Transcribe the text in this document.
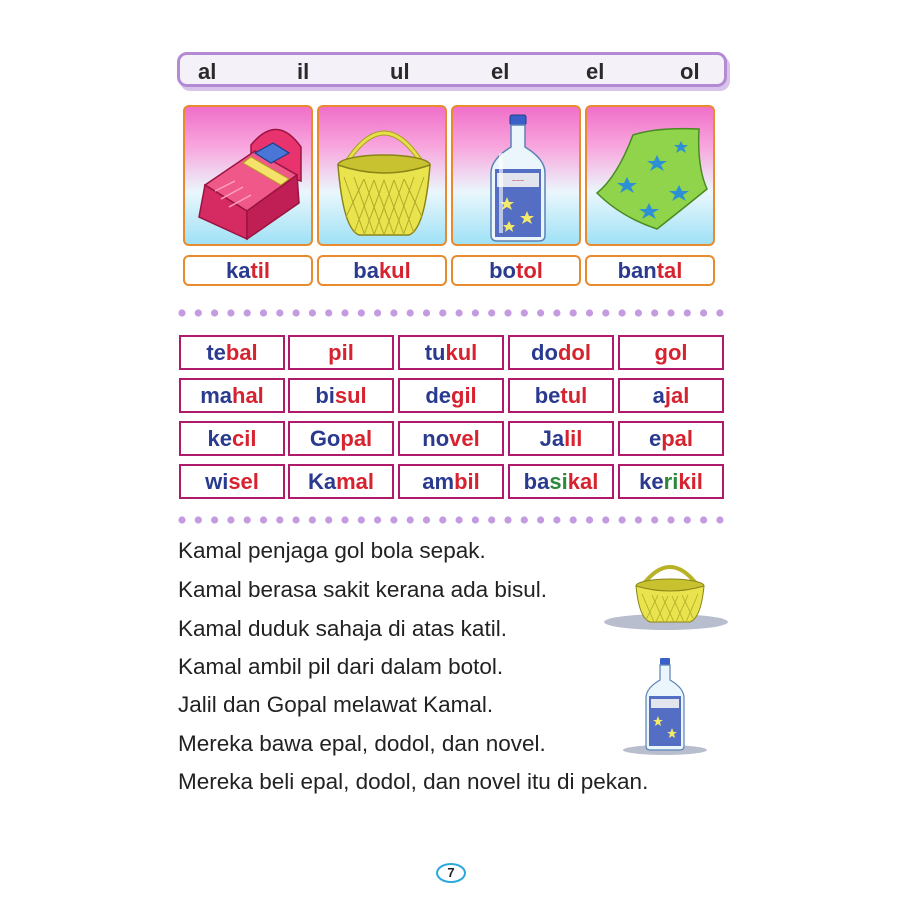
al	il	ul	el	el	ol
~~~
katil	bakul	botol	bantal
tebal	pil	tukul	dodol	gol
mahal	bisul	degil	betul	ajal
kecil	Gopal	novel	Jalil	epal
wisel	Kamal	ambil	basikal	kerikil
Kamal penjaga gol bola sepak.
Kamal berasa sakit kerana ada bisul.
Kamal duduk sahaja di atas katil.
Kamal ambil pil dari dalam botol.
Jalil dan Gopal melawat Kamal.
Mereka bawa epal, dodol, dan novel.
Mereka beli epal, dodol, dan novel itu di pekan.
7
